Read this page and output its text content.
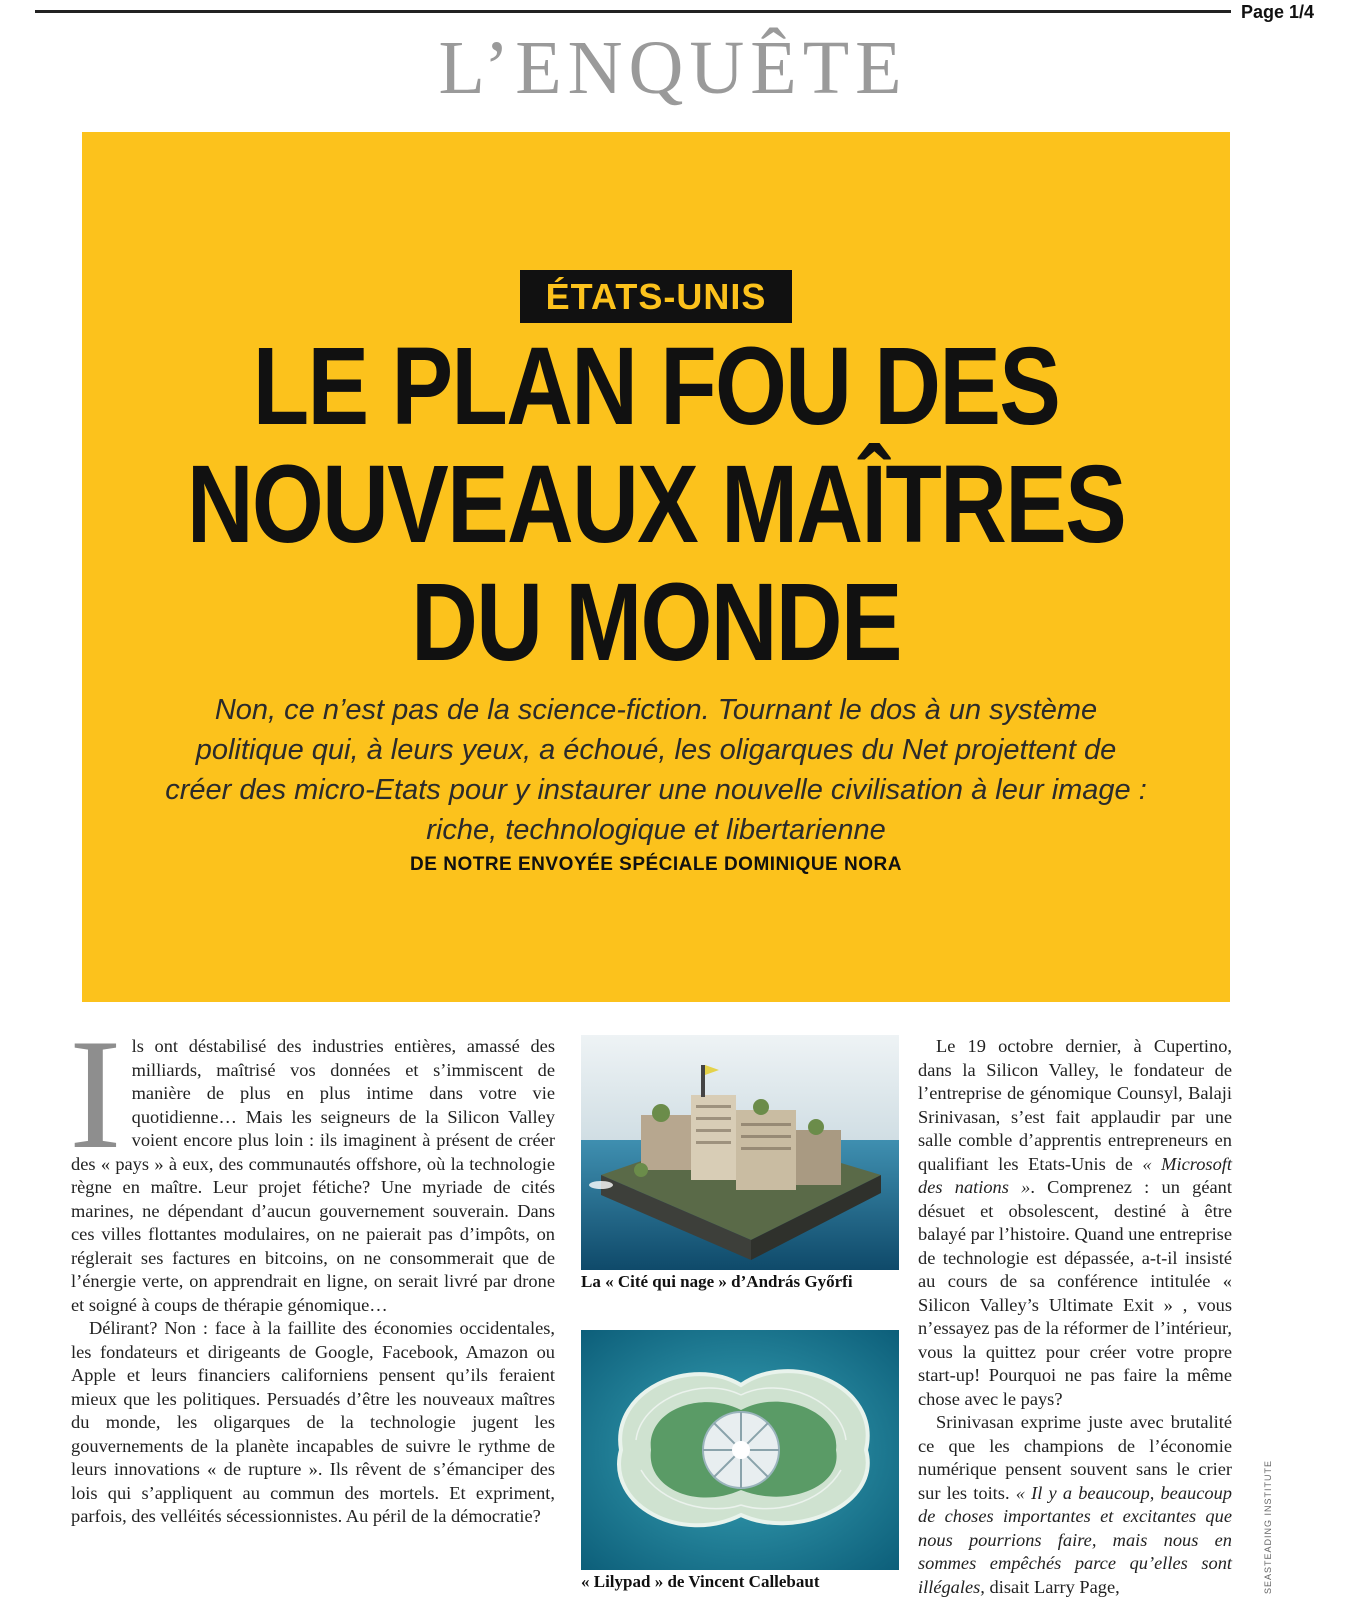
Page 1/4
L’ENQUÊTE
ÉTATS-UNIS
LE PLAN FOU DES
NOUVEAUX MAÎTRES
DU MONDE
Non, ce n’est pas de la science-fiction. Tournant le dos à un système politique qui, à leurs yeux, a échoué, les oligarques du Net projettent de créer des micro-Etats pour y instaurer une nouvelle civilisation à leur image : riche, technologique et libertarienne
DE NOTRE ENVOYÉE SPÉCIALE DOMINIQUE NORA

Ils ont déstabilisé des industries entières, amassé des milliards, maîtrisé vos données et s’immiscent de manière de plus en plus intime dans votre vie quotidienne… Mais les seigneurs de la Silicon Valley voient encore plus loin : ils imaginent à présent de créer des « pays » à eux, des communautés offshore, où la technologie règne en maître. Leur projet fétiche? Une myriade de cités marines, ne dépendant d’aucun gouvernement souverain. Dans ces villes flottantes modulaires, on ne paierait pas d’impôts, on réglerait ses factures en bitcoins, on ne consommerait que de l’énergie verte, on apprendrait en ligne, on serait livré par drone et soigné à coups de thérapie génomique…

Délirant? Non : face à la faillite des économies occidentales, les fondateurs et dirigeants de Google, Facebook, Amazon ou Apple et leurs financiers californiens pensent qu’ils feraient mieux que les politiques. Persuadés d’être les nouveaux maîtres du monde, les oligarques de la technologie jugent les gouvernements de la planète incapables de suivre le rythme de leurs innovations « de rupture ». Ils rêvent de s’émanciper des lois qui s’appliquent au commun des mortels. Et expriment, parfois, des velléités sécessionnistes. Au péril de la démocratie?

La « Cité qui nage » d’András Győrfi
« Lilypad » de Vincent Callebaut

Le 19 octobre dernier, à Cupertino, dans la Silicon Valley, le fondateur de l’entreprise de génomique Counsyl, Balaji Srinivasan, s’est fait applaudir par une salle comble d’apprentis entrepreneurs en qualifiant les Etats-Unis de « Microsoft des nations ». Comprenez : un géant désuet et obsolescent, destiné à être balayé par l’histoire. Quand une entreprise de technologie est dépassée, a-t-il insisté au cours de sa conférence intitulée « Silicon Valley’s Ultimate Exit » , vous n’essayez pas de la réformer de l’intérieur, vous la quittez pour créer votre propre start-up! Pourquoi ne pas faire la même chose avec le pays?

Srinivasan exprime juste avec brutalité ce que les champions de l’économie numérique pensent souvent sans le crier sur les toits. « Il y a beaucoup, beaucoup de choses importantes et excitantes que nous pourrions faire, mais nous en sommes empêchés parce qu’elles sont illégales, disait Larry Page,	SEASTEADING INSTITUTE
